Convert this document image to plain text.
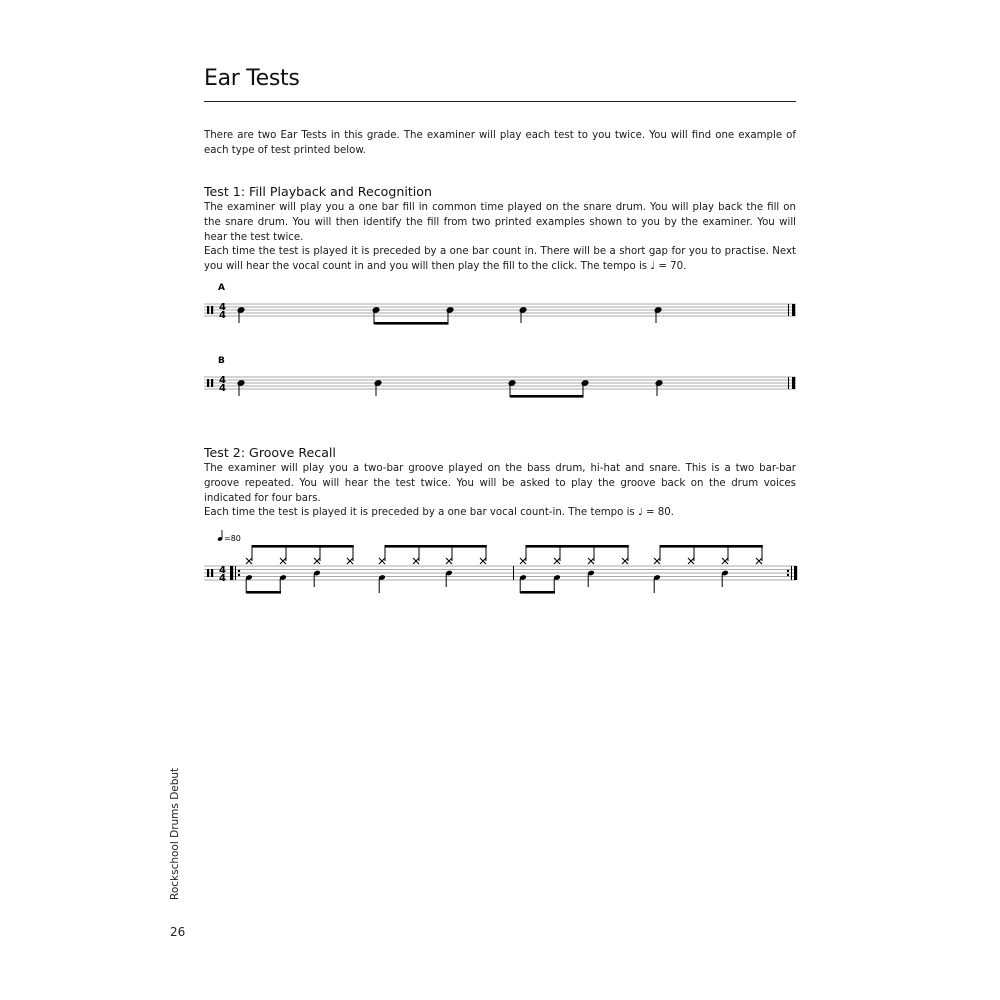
Ear Tests
There are two Ear Tests in this grade. The examiner will play each test to you twice. You will find one example of each type of test printed below.
Test 1: Fill Playback and Recognition
The examiner will play you a one bar fill in common time played on the snare drum. You will play back the fill on the snare drum. You will then identify the fill from two printed examples shown to you by the examiner. You will hear the test twice.
Each time the test is played it is preceded by a one bar count in. There will be a short gap for you to practise. Next you will hear the vocal count in and you will then play the fill to the click. The tempo is ♩ = 70.
A
4
4
B
4
4
Test 2: Groove Recall
The examiner will play you a two-bar groove played on the bass drum, hi-hat and snare. This is a two bar-bar groove repeated. You will hear the test twice. You will be asked to play the groove back on the drum voices indicated for four bars.
Each time the test is played it is preceded by a one bar vocal count-in. The tempo is ♩ = 80.
=80
4
4
Rockschool Drums Debut
26
